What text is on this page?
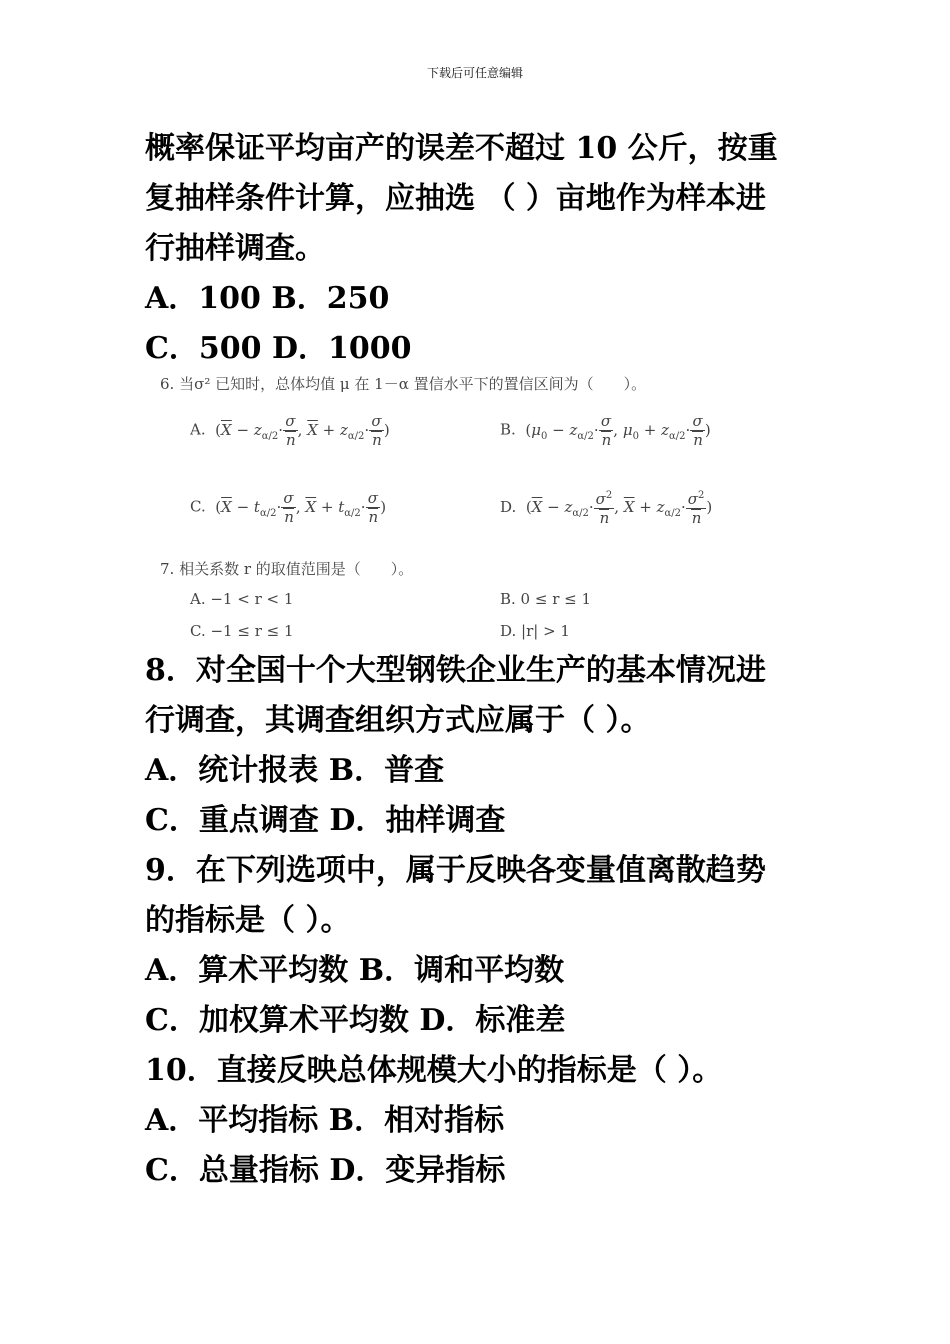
下载后可任意编辑
概率保证平均亩产的误差不超过 10 公斤，按重
复抽样条件计算，应抽选 （ ）亩地作为样本进
行抽样调查。
A．100 B．250
C．500 D．1000
6. 当σ² 已知时，总体均值 μ 在 1－α 置信水平下的置信区间为（　　）。
A.  ($\overline{X} - z_{\alpha/2}\cdot \frac{\sigma}{n}$ , $\overline{X} + z_{\alpha/2}\cdot \frac{\sigma}{n}$ )	B.  ($\mu_0 - z_{\alpha/2}\cdot \frac{\sigma}{n}$ , $\mu_0 + z_{\alpha/2}\cdot \frac{\sigma}{n}$ )
C.  ($\overline{X} - t_{\alpha/2}\cdot \frac{\sigma}{n}$ , $\overline{X} + t_{\alpha/2}\cdot \frac{\sigma}{n}$ )	D.  ($\overline{X} - z_{\alpha/2}\cdot \frac{\sigma^2}{n}$ , $\overline{X} + z_{\alpha/2}\cdot \frac{\sigma^2}{n}$ )
7. 相关系数 r 的取值范围是（　　）。
A. −1 < r < 1	B. 0 ≤ r ≤ 1
C. −1 ≤ r ≤ 1	D. |r| > 1
8．对全国十个大型钢铁企业生产的基本情况进
行调查，其调查组织方式应属于（ ）。
A．统计报表 B．普查
C．重点调查 D．抽样调查
9．在下列选项中，属于反映各变量值离散趋势
的指标是（ ）。
A．算术平均数 B．调和平均数
C．加权算术平均数 D．标准差
10．直接反映总体规模大小的指标是（ ）。
A．平均指标 B．相对指标
C．总量指标 D．变异指标
